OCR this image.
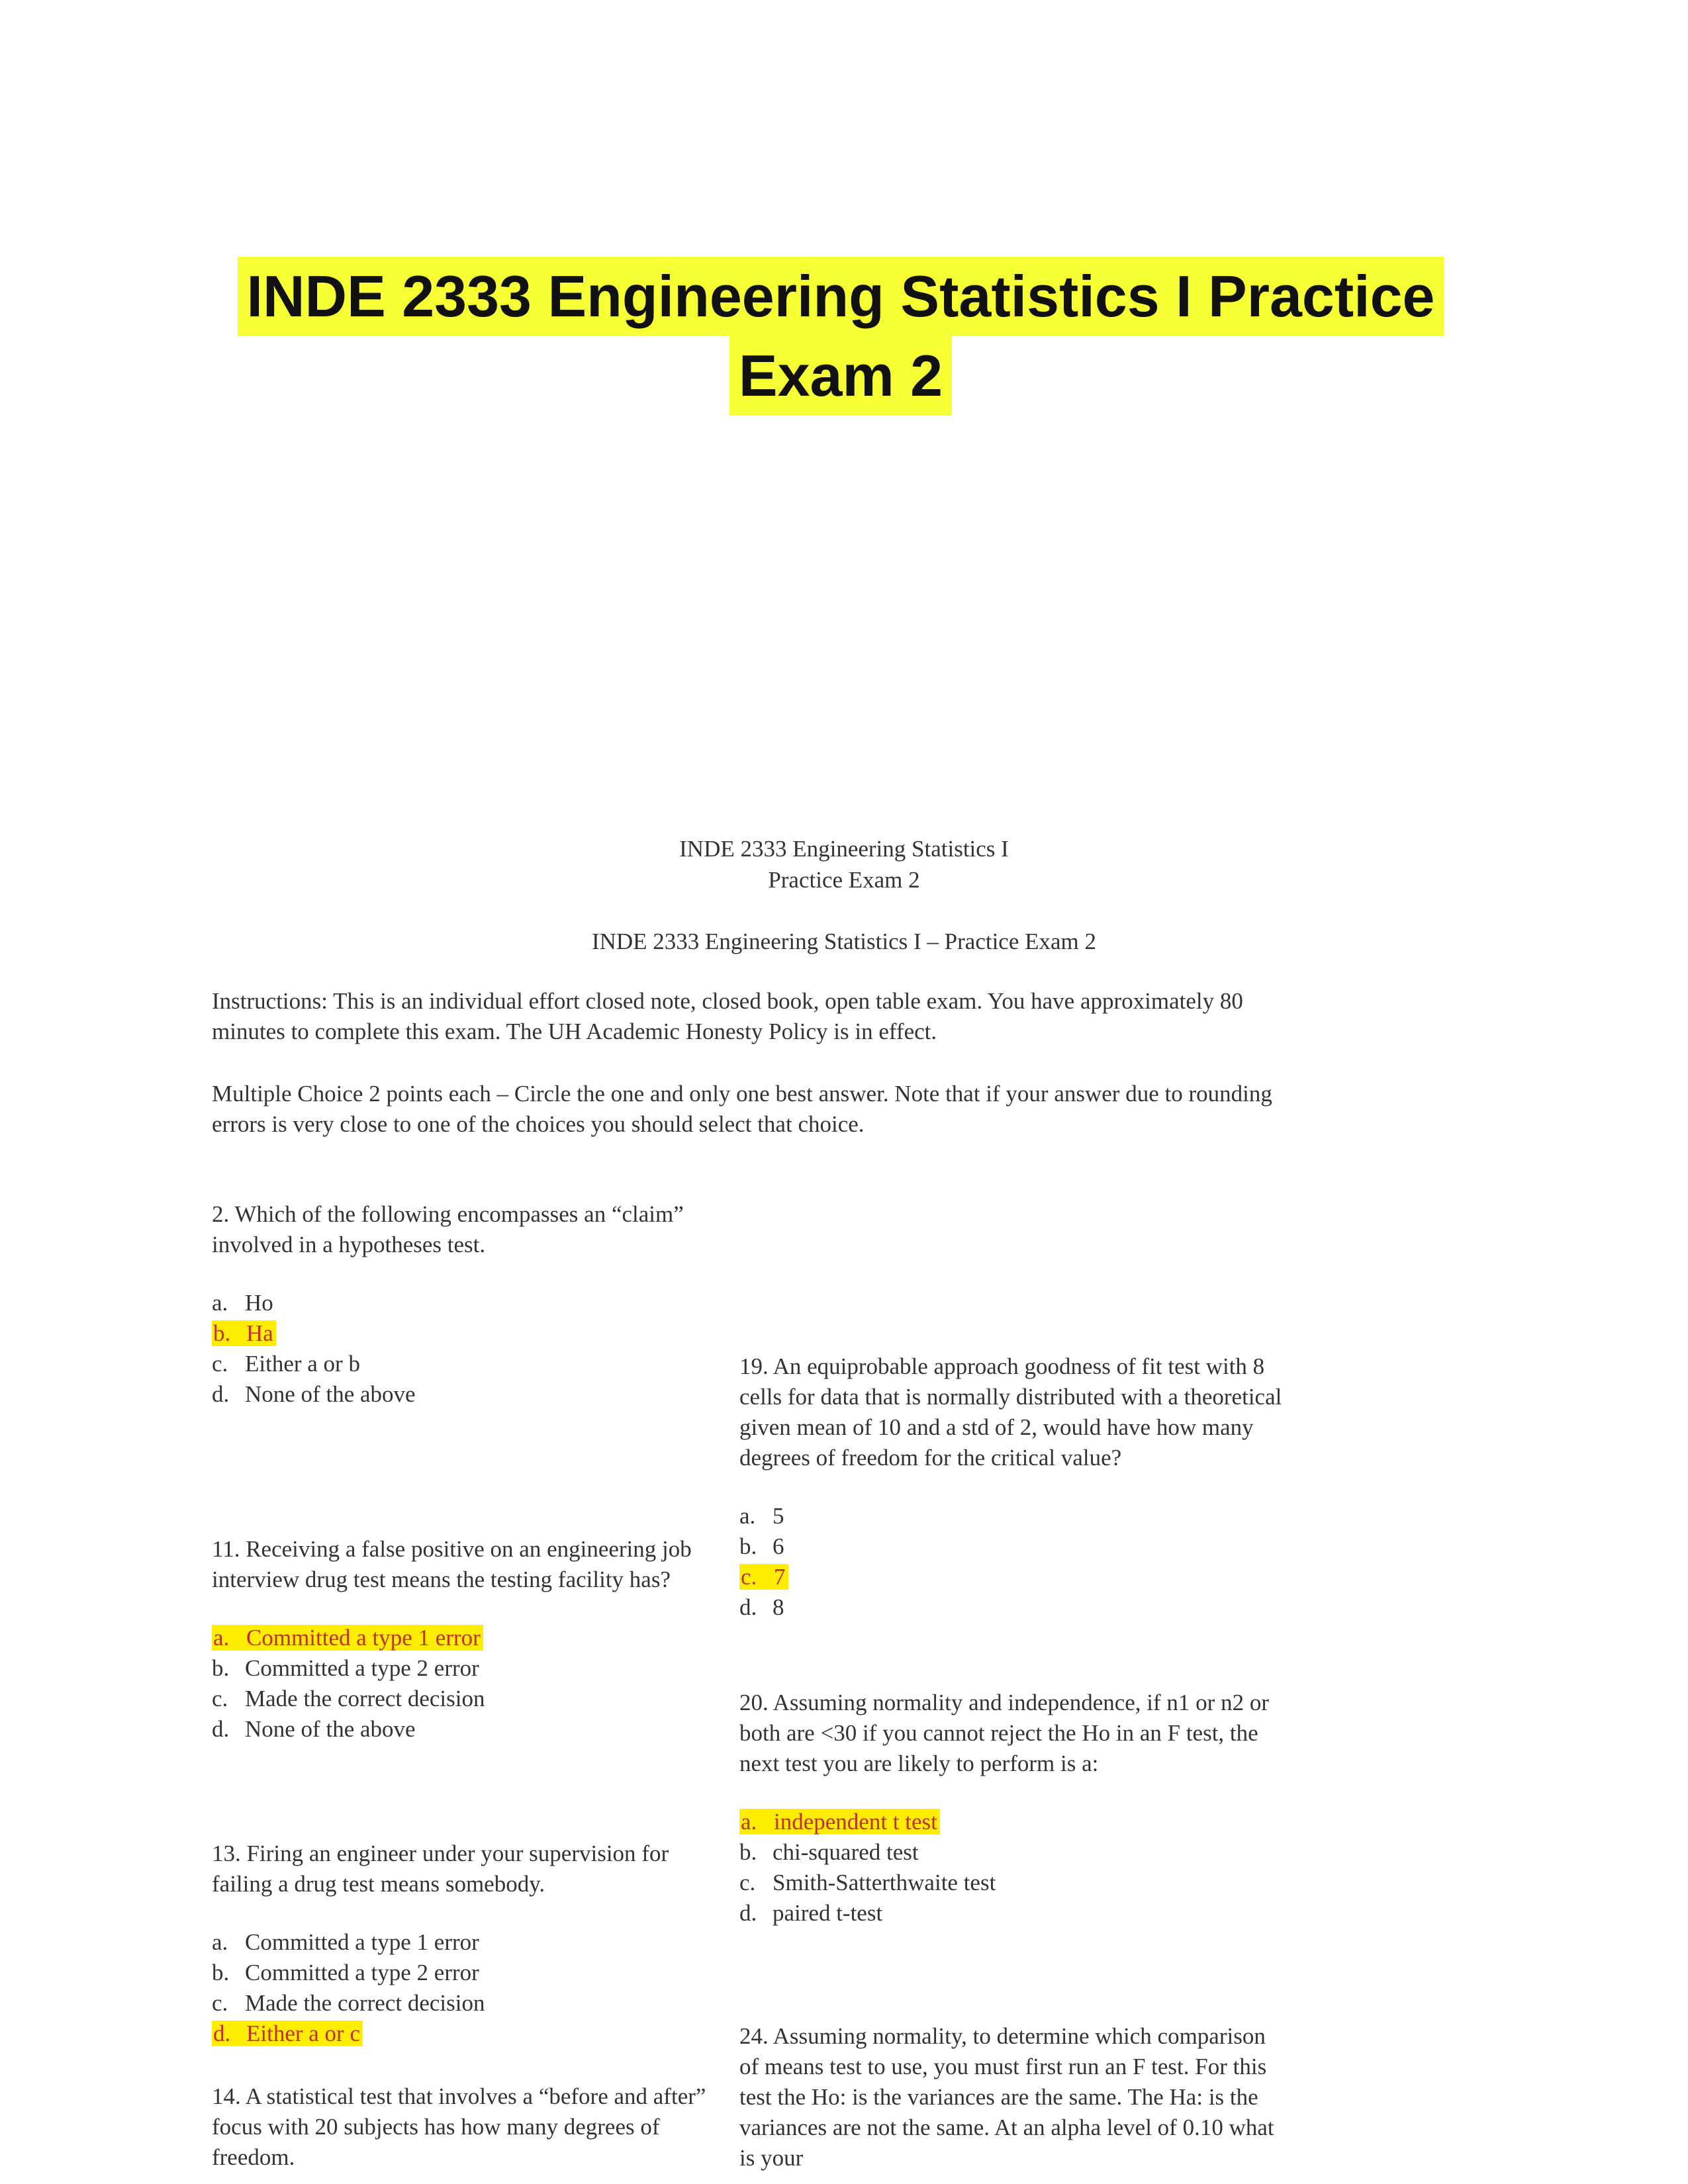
INDE 2333 Engineering Statistics I Practice
Exam 2
INDE 2333 Engineering Statistics I
Practice Exam 2
INDE 2333 Engineering Statistics I – Practice Exam 2
Instructions: This is an individual effort closed note, closed book, open table exam. You have approximately 80 minutes to complete this exam. The UH Academic Honesty Policy is in effect.
Multiple Choice 2 points each – Circle the one and only one best answer. Note that if your answer due to rounding errors is very close to one of the choices you should select that choice.
2. Which of the following encompasses an “claim” involved in a hypotheses test.
a. Ho
b. Ha
c. Either a or b
d. None of the above
11. Receiving a false positive on an engineering job interview drug test means the testing facility has?
a. Committed a type 1 error
b. Committed a type 2 error
c. Made the correct decision
d. None of the above
13. Firing an engineer under your supervision for failing a drug test means somebody.
a. Committed a type 1 error
b. Committed a type 2 error
c. Made the correct decision
d. Either a or c
14. A statistical test that involves a “before and after” focus with 20 subjects has how many degrees of freedom.
19. An equiprobable approach goodness of fit test with 8 cells for data that is normally distributed with a theoretical given mean of 10 and a std of 2, would have how many degrees of freedom for the critical value?
a. 5
b. 6
c. 7
d. 8
20. Assuming normality and independence, if n1 or n2 or both are <30 if you cannot reject the Ho in an F test, the next test you are likely to perform is a:
a. independent t test
b. chi-squared test
c. Smith-Satterthwaite test
d. paired t-test
24. Assuming normality, to determine which comparison of means test to use, you must first run an F test. For this test the Ho: is the variances are the same. The Ha: is the variances are not the same. At an alpha level of 0.10 what is your
